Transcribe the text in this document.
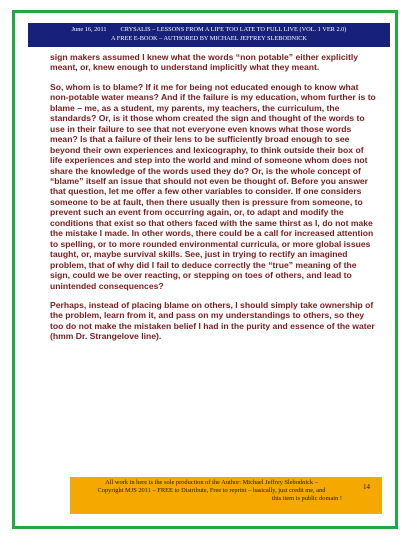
June 16, 2011 CRYSALIS – LESSONS FROM A LIFE TOO LATE TO FULL LIVE (VOL. 1 VER 2.0)
A FREE E-BOOK – AUTHORED BY MICHAEL JEFFREY SLEBODNICK

sign makers assumed I knew what the words “non potable” either explicitly meant, or, knew enough to understand implicitly what they meant.

So, whom is to blame? If it me for being not educated enough to know what non-potable water means? And if the failure is my education, whom further is to blame – me, as a student, my parents, my teachers, the curriculum, the standards? Or, is it those whom created the sign and thought of the words to use in their failure to see that not everyone even knows what those words mean? Is that a failure of their lens to be sufficiently broad enough to see beyond their own experiences and lexicography, to think outside their box of life experiences and step into the world and mind of someone whom does not share the knowledge of the words used they do? Or, is the whole concept of “blame” itself an issue that should not even be thought of. Before you answer that question, let me offer a few other variables to consider. If one considers someone to be at fault, then there usually then is pressure from someone, to prevent such an event from occurring again, or, to adapt and modify the conditions that exist so that others faced with the same thirst as I, do not make the mistake I made. In other words, there could be a call for increased attention to spelling, or to more rounded environmental curricula, or more global issues taught, or, maybe survival skills. See, just in trying to rectify an imagined problem, that of why did I fail to deduce correctly the “true” meaning of the sign, could we be over reacting, or stepping on toes of others, and lead to unintended consequences?

Perhaps, instead of placing blame on others, I should simply take ownership of the problem, learn from it, and pass on my understandings to others, so they too do not make the mistaken belief I had in the purity and essence of the water (hmm Dr. Strangelove line).

All work in here is the sole production of the Author: Michael Jeffrey Slebodnick –
Copyright MJS 2011 – FREE to Distribute, Free to reprint – basically, just credit me, and
this item is public domain !
14
